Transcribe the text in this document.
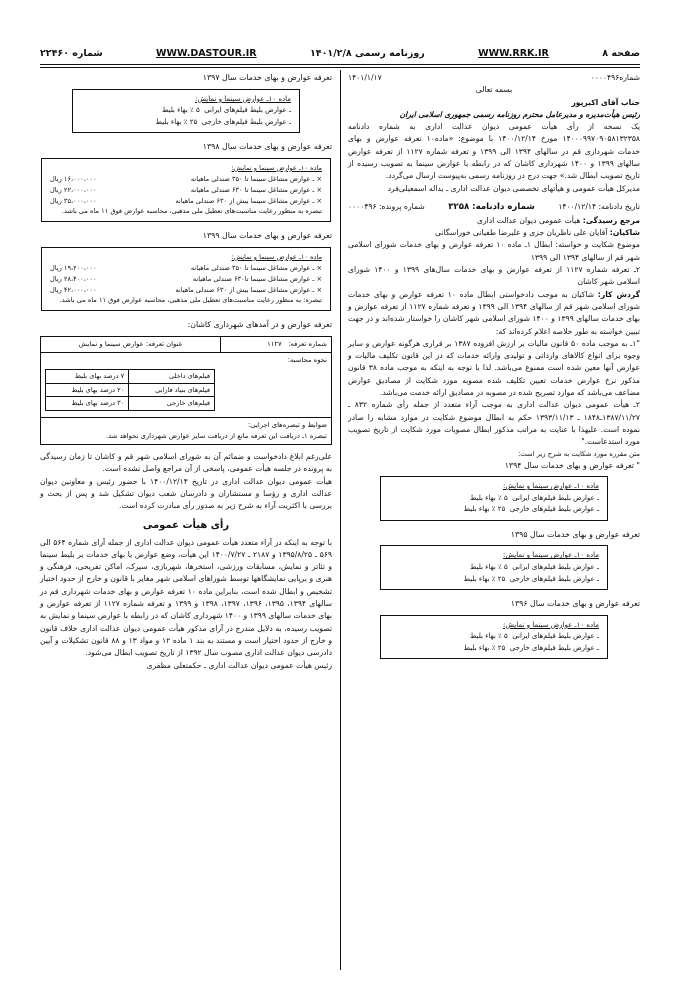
صفحه ۸
WWW.RRK.IR
روزنامه رسمی ۱۴۰۱/۲/۸
WWW.DASTOUR.IR
شماره ۲۲۴۶۰
شماره۰۰۰۰۴۹۶
۱۴۰۱/۱/۱۷

بسمه تعالی

جناب آقای اکبرپور

رئیس هیأت‌مدیره و مدیرعامل محترم روزنامه رسمی جمهوری اسلامی ایران

یک نسخه از رأی هیأت عمومی دیوان عدالت اداری به شماره دادنامه ۱۴۰۰۰۹۹۷۰۹۰۵۸۱۳۲۳۵۸ مورخ ۱۴۰۰/۱۲/۱۴ با موضوع: «ماده۱۰ تعرفه عوارض و بهای خدمات شهرداری قم در سالهای ۱۳۹۴ الی ۱۳۹۹ و تعرفه شماره ۱۱۲۷ از تعرفه عوارض سالهای ۱۳۹۹ و ۱۴۰۰ شهرداری کاشان که در رابطه با عوارض سینما به تصویب رسیده از تاریخ تصویب ابطال شد.» جهت درج در روزنامه رسمی به‌پیوست ارسال می‌گردد.

مدیرکل هیأت عمومی و هیأتهای تخصصی دیوان عدالت اداری ـ یداله اسمعیلی‌فرد

تاریخ دادنامه: ۱۴۰۰/۱۲/۱۴
شماره دادنامه: ۳۲۵۸
شماره پرونده: ۰۰۰۰۴۹۶

مرجع رسیدگی: هیأت عمومی دیوان عدالت اداری

شاکیان: آقایان علی ناظریان جزی و علیرضا طفیانی خوراسگانی

موضوع شکایت و خواسته: ابطال ۱ـ ماده ۱۰ تعرفه عوارض و بهای خدمات شورای اسلامی شهر قم از سالهای ۱۳۹۴ الی ۱۳۹۹

۲ـ تعرفه شماره ۱۱۲۷ از تعرفه عوارض و بهای خدمات سال‌های ۱۳۹۹ و ۱۴۰۰ شورای اسلامی شهر کاشان

گردش کار: شاکیان به موجب دادخواستی ابطال ماده ۱۰ تعرفه عوارض و بهای خدمات شورای اسلامی شهر قم از سالهای ۱۳۹۴ الی ۱۳۹۹ و تعرفه شماره ۱۱۲۷ از تعرفه عوارض و بهای خدمات سالهای ۱۳۹۹ و ۱۴۰۰ شورای اسلامی شهر کاشان را خواستار شده‌اند و در جهت تبیین خواسته به طور خلاصه اعلام کرده‌اند که:

"۱ـ به موجب ماده ۵۰ قانون مالیات بر ارزش افزوده ۱۳۸۷ بر قراری هرگونه عوارض و سایر وجوه برای انواع کالاهای وارداتی و تولیدی وارائه خدمات که در این قانون تکلیف مالیات و عوارض آنها معین شده است ممنوع می‌باشد. لذا با توجه به اینکه به موجب ماده ۳۸ قانون مذکور نرخ عوارض خدمات تعیین تکلیف شده مصوبه مورد شکایت از مصادیق عوارض مضاعف می‌باشد که موارد تصریح شده در مصوبه در مصادیق ارائه خدمت می‌باشد.

۲ـ هیأت عمومی دیوان عدالت اداری به موجب آراء متعدد از جمله رأی شماره ۸۳۲ ـ ۱۳۸۷/۱۱/۲۷ـ۱۸۴۸ ـ ۱۳۹۳/۱۱/۱۳ حکم به ابطال موضوع شکایت در موارد مشابه را صادر نموده است. علیهذا با عنایت به مراتب مذکور ابطال مصوبات مورد شکایت از تاریخ تصویب مورد استدعاست."

متن مقرره مورد شکایت به شرح زیر است:

" تعرفه عوارض و بهای خدمات سال ۱۳۹۴

ماده ۱۰ـ عوارض سینما و نمایش:
ـ عوارض بلیط فیلم‌های ایرانی  ۵ ٪ بهاء بلیط
ـ عوارض بلیط فیلم‌های خارجی  ۲۵ ٪ بهاء بلیط

تعرفه عوارض و بهای خدمات سال ۱۳۹۵

ماده ۱۰ـ عوارض سینما و نمایش:
ـ عوارض بلیط فیلم‌های ایرانی  ۵ ٪ بهاء بلیط
ـ عوارض بلیط فیلم‌های خارجی  ۲۵ ٪ بهاء بلیط

تعرفه عوارض و بهای خدمات سال ۱۳۹۶

ماده ۱۰ـ عوارض سینما و نمایش:
ـ عوارض بلیط فیلم‌های ایرانی  ۵ ٪ بهاء بلیط
ـ عوارض بلیط فیلم‌های خارجی  ۲۵ ٪ بهاء بلیط

تعرفه عوارض و بهای خدمات سال ۱۳۹۷

ماده ۱۰ـ عوارض سینما و نمایش:
ـ عوارض بلیط فیلم‌های ایرانی  ۵ ٪ بهاء بلیط
ـ عوارض بلیط فیلم‌های خارجی  ۲۵ ٪ بهاء بلیط

تعرفه عوارض و بهای خدمات سال ۱۳۹۸

ماده ۱۰ـ عوارض سینما و نمایش:
× ـ عوارض مشاغل سینما تا ۳۵۰ صندلی ماهیانه
۱۶،۰۰۰،۰۰۰ ریال
× ـ عوارض مشاغل سینما تا ۶۳۰ صندلی ماهیانه
۲۲،۰۰۰،۰۰۰ ریال
× ـ عوارض مشاغل سینما بیش از ۶۳۰ صندلی ماهیانه
۳۵،۰۰۰،۰۰۰ ریال
تبصره به منظور رعایت مناسبت‌های تعطیل ملی مذهبی، محاسبه عوارض فوق ۱۱ ماه می باشد.

تعرفه عوارض و بهای خدمات سال ۱۳۹۹

ماده ۱۰ـ عوارض سینما و نمایش:
× ـ عوارض مشاغل سینما تا ۳۵۰ صندلی ماهیانه
۱۹،۲۰۰،۰۰۰ ریال
× ـ عوارض مشاغل سینما تا۶۳۰ صندلی ماهیانه
۲۸،۴۰۰،۰۰۰ ریال
× ـ عوارض مشاغل سینما بیش از ۶۳۰ صندلی ماهیانه
۴۲،۰۰۰،۰۰۰ ریال
تبصره: به منظور رعایت مناسبت‌های تعطیل ملی مذهبی، محاسبه عوارض فوق ۱۱ ماه می باشد.

تعرفه عوارض و در آمدهای شهرداری کاشان:

شماره تعرفه:   ۱۱۲۷	عنوان تعرفه: عوارض سینما و نمایش

نحوه محاسبه:
فیلم‌های داخلی	۷ درصد بهای بلیط
فیلم‌های بنیاد فارابی	۲۰ درصد بهای بلیط
فیلم‌های خارجی	۳۰ درصد بهای بلیط

ضوابط و تبصره‌های اجرایی:
تبصره ۱ـ دریافت این تعرفه مانع از دریافت سایر عوارض شهرداری نخواهد شد.

علی‌رغم ابلاغ دادخواست و ضمائم آن به شورای اسلامی شهر قم و کاشان تا زمان رسیدگی به پرونده در جلسه هیأت عمومی، پاسخی از آن مراجع واصل نشده است.

هیأت عمومی دیوان عدالت اداری در تاریخ ۱۴۰۰/۱۲/۱۴ با حضور رئیس و معاونین دیوان عدالت اداری و رؤسا و مستشاران و دادرسان شعب دیوان تشکیل شد و پس از بحث و بررسی با اکثریت آراء به شرح زیر به صدور رأی مبادرت کرده است.

رأی هیأت عمومی

با توجه به اینکه در آراء متعدد هیأت عمومی دیوان عدالت اداری از جمله آرای شماره ۵۶۴ الی ۵۶۹ ـ ۱۳۹۵/۸/۲۵ و ۲۱۸۷ ـ ۱۴۰۰/۷/۲۷ این هیأت، وضع عوارض یا بهای خدمات بر بلیط سینما و تئاتر و نمایش، مسابقات ورزشی، استخرها، شهربازی، سیرک، اماکن تفریحی، فرهنگی و هنری و برپایی نمایشگاهها توسط شوراهای اسلامی شهر مغایر با قانون و خارج از حدود اختیار تشخیص و ابطال شده است، بنابراین ماده ۱۰ تعرفه عوارض و بهای خدمات شهرداری قم در سالهای ۱۳۹۴، ۱۳۹۵، ۱۳۹۶، ۱۳۹۷، ۱۳۹۸ و ۱۳۹۹ و تعرفه شماره ۱۱۲۷ از تعرفه عوارض و بهای خدمات سالهای ۱۳۹۹ و ۱۴۰۰ شهرداری کاشان که در رابطه با عوارض سینما و نمایش به تصویب رسیده، به دلایل مندرج در آرای مذکور هیأت عمومی دیوان عدالت اداری خلاف قانون و خارج از حدود اختیار است و مستند به بند ۱ ماده ۱۲ و مواد ۱۳ و ۸۸ قانون تشکیلات و آیین دادرسی دیوان عدالت اداری مصوب سال ۱۳۹۲ از تاریخ تصویب ابطال می‌شود.

رئیس هیأت عمومی دیوان عدالت اداری ـ حکمتعلی مظفری
